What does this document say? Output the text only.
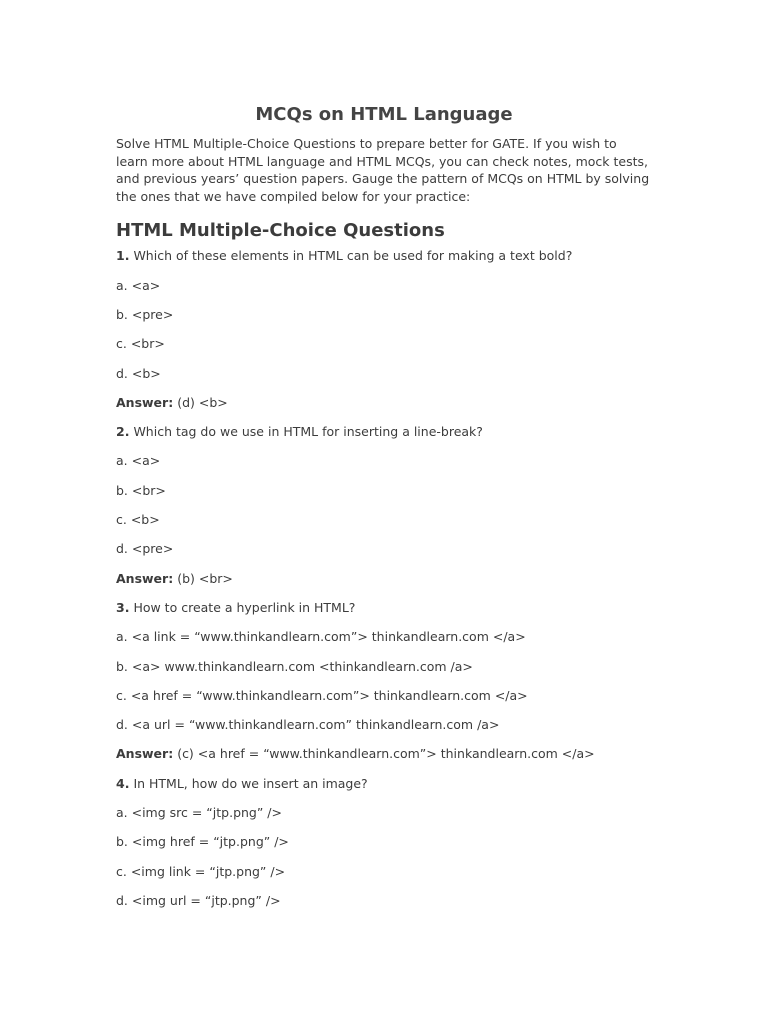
MCQs on HTML Language

Solve HTML Multiple-Choice Questions to prepare better for GATE. If you wish to learn more about HTML language and HTML MCQs, you can check notes, mock tests, and previous years’ question papers. Gauge the pattern of MCQs on HTML by solving the ones that we have compiled below for your practice:

HTML Multiple-Choice Questions
1. Which of these elements in HTML can be used for making a text bold?
a. <a>
b. <pre>
c. <br>
d. <b>
Answer: (d) <b>
2. Which tag do we use in HTML for inserting a line-break?
a. <a>
b. <br>
c. <b>
d. <pre>
Answer: (b) <br>
3. How to create a hyperlink in HTML?
a. <a link = “www.thinkandlearn.com”> thinkandlearn.com </a>
b. <a> www.thinkandlearn.com <thinkandlearn.com /a>
c. <a href = “www.thinkandlearn.com”> thinkandlearn.com </a>
d. <a url = “www.thinkandlearn.com” thinkandlearn.com /a>
Answer: (c) <a href = “www.thinkandlearn.com”> thinkandlearn.com </a>
4. In HTML, how do we insert an image?
a. <img src = “jtp.png” />
b. <img href = “jtp.png” />
c. <img link = “jtp.png” />
d. <img url = “jtp.png” />
